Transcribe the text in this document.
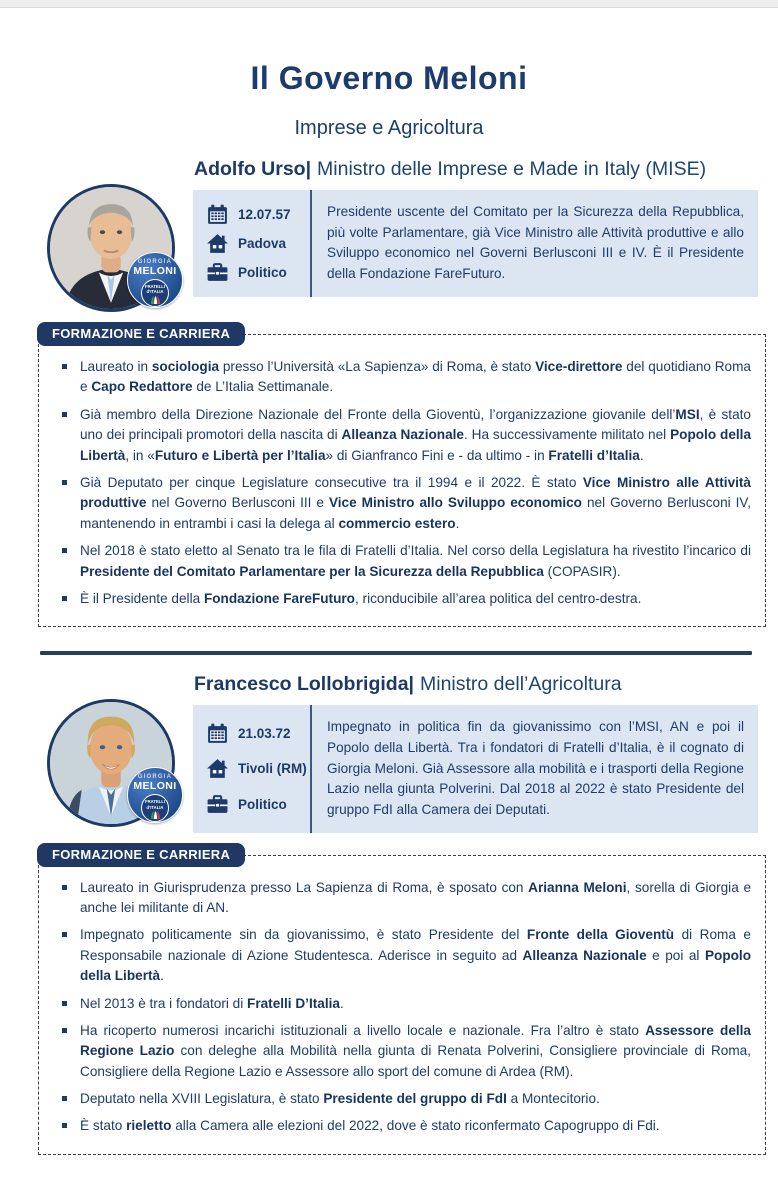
Il Governo Meloni
Imprese e Agricoltura
GIORGIA
MELONI
FRATELLI
d’ITALIA
Adolfo Urso| Ministro delle Imprese e Made in Italy (MISE)
12.07.57
Padova
Politico
Presidente uscente del Comitato per la Sicurezza della Repubblica, più volte Parlamentare, già Vice Ministro alle Attività produttive e allo Sviluppo economico nel Governi Berlusconi III e IV. È il Presidente della Fondazione FareFuturo.
FORMAZIONE E CARRIERA
Laureato in sociologia presso l’Università «La Sapienza» di Roma, è stato Vice-direttore del quotidiano Roma e Capo Redattore de L’Italia Settimanale.
Già membro della Direzione Nazionale del Fronte della Gioventù, l’organizzazione giovanile dell’MSI, è stato uno dei principali promotori della nascita di Alleanza Nazionale. Ha successivamente militato nel Popolo della Libertà, in «Futuro e Libertà per l’Italia» di Gianfranco Fini e - da ultimo - in Fratelli d’Italia.
Già Deputato per cinque Legislature consecutive tra il 1994 e il 2022. È stato Vice Ministro alle Attività produttive nel Governo Berlusconi III e Vice Ministro allo Sviluppo economico nel Governo Berlusconi IV, mantenendo in entrambi i casi la delega al commercio estero.
Nel 2018 è stato eletto al Senato tra le fila di Fratelli d’Italia. Nel corso della Legislatura ha rivestito l’incarico di Presidente del Comitato Parlamentare per la Sicurezza della Repubblica (COPASIR).
È il Presidente della Fondazione FareFuturo, riconducibile all’area politica del centro-destra.
GIORGIA
MELONI
FRATELLI
d’ITALIA
Francesco Lollobrigida| Ministro dell’Agricoltura
21.03.72
Tivoli (RM)
Politico
Impegnato in politica fin da giovanissimo con l’MSI, AN e poi il Popolo della Libertà. Tra i fondatori di Fratelli d’Italia, è il cognato di Giorgia Meloni. Già Assessore alla mobilità e i trasporti della Regione Lazio nella giunta Polverini. Dal 2018 al 2022 è stato Presidente del gruppo FdI alla Camera dei Deputati.
FORMAZIONE E CARRIERA
Laureato in Giurisprudenza presso La Sapienza di Roma, è sposato con Arianna Meloni, sorella di Giorgia e anche lei militante di AN.
Impegnato politicamente sin da giovanissimo, è stato Presidente del Fronte della Gioventù di Roma e Responsabile nazionale di Azione Studentesca. Aderisce in seguito ad Alleanza Nazionale e poi al Popolo della Libertà.
Nel 2013 è tra i fondatori di Fratelli D’Italia.
Ha ricoperto numerosi incarichi istituzionali a livello locale e nazionale. Fra l’altro è stato Assessore della Regione Lazio con deleghe alla Mobilità nella giunta di Renata Polverini, Consigliere provinciale di Roma, Consigliere della Regione Lazio e Assessore allo sport del comune di Ardea (RM).
Deputato nella XVIII Legislatura, è stato Presidente del gruppo di FdI a Montecitorio.
È stato rieletto alla Camera alle elezioni del 2022, dove è stato riconfermato Capogruppo di Fdi.
